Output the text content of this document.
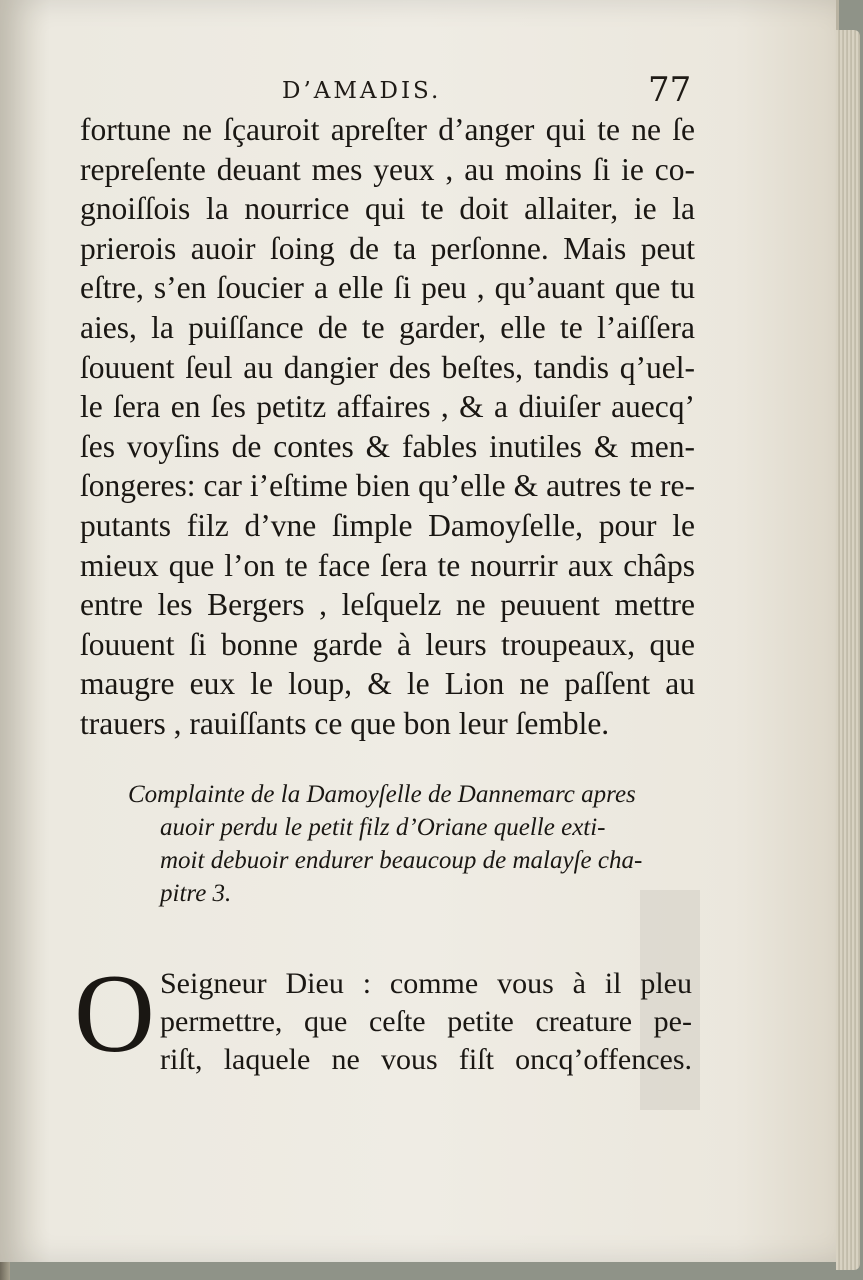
D’AMADIS.	77
fortune ne ſçauroit apreſter d’anger qui te ne ſe
repreſente deuant mes yeux , au moins ſi ie co-
gnoiſſois la nourrice qui te doit allaiter, ie la
prierois auoir ſoing de ta perſonne. Mais peut
eſtre, s’en ſoucier a elle ſi peu , qu’auant que tu
aies, la puiſſance de te garder, elle te l’aiſſera
ſouuent ſeul au dangier des beſtes, tandis q’uel-
le ſera en ſes petitz affaires , & a diuiſer auecq’
ſes voyſins de contes & fables inutiles & men-
ſongeres: car i’eſtime bien qu’elle & autres te re-
putants filz d’vne ſimple Damoyſelle, pour le
mieux que l’on te face ſera te nourrir aux châps
entre les Bergers , leſquelz ne peuuent mettre
ſouuent ſi bonne garde à leurs troupeaux, que
maugre eux le loup, & le Lion ne paſſent au
trauers , rauiſſants ce que bon leur ſemble.
Complainte de la Damoyſelle de Dannemarc apres
auoir perdu le petit filz d’Oriane quelle exti-
moit debuoir endurer beaucoup de malayſe cha-
pitre 3.
O Seigneur Dieu : comme vous à il pleu
permettre, que ceſte petite creature pe-
riſt, laquele ne vous fiſt oncq’offences.
